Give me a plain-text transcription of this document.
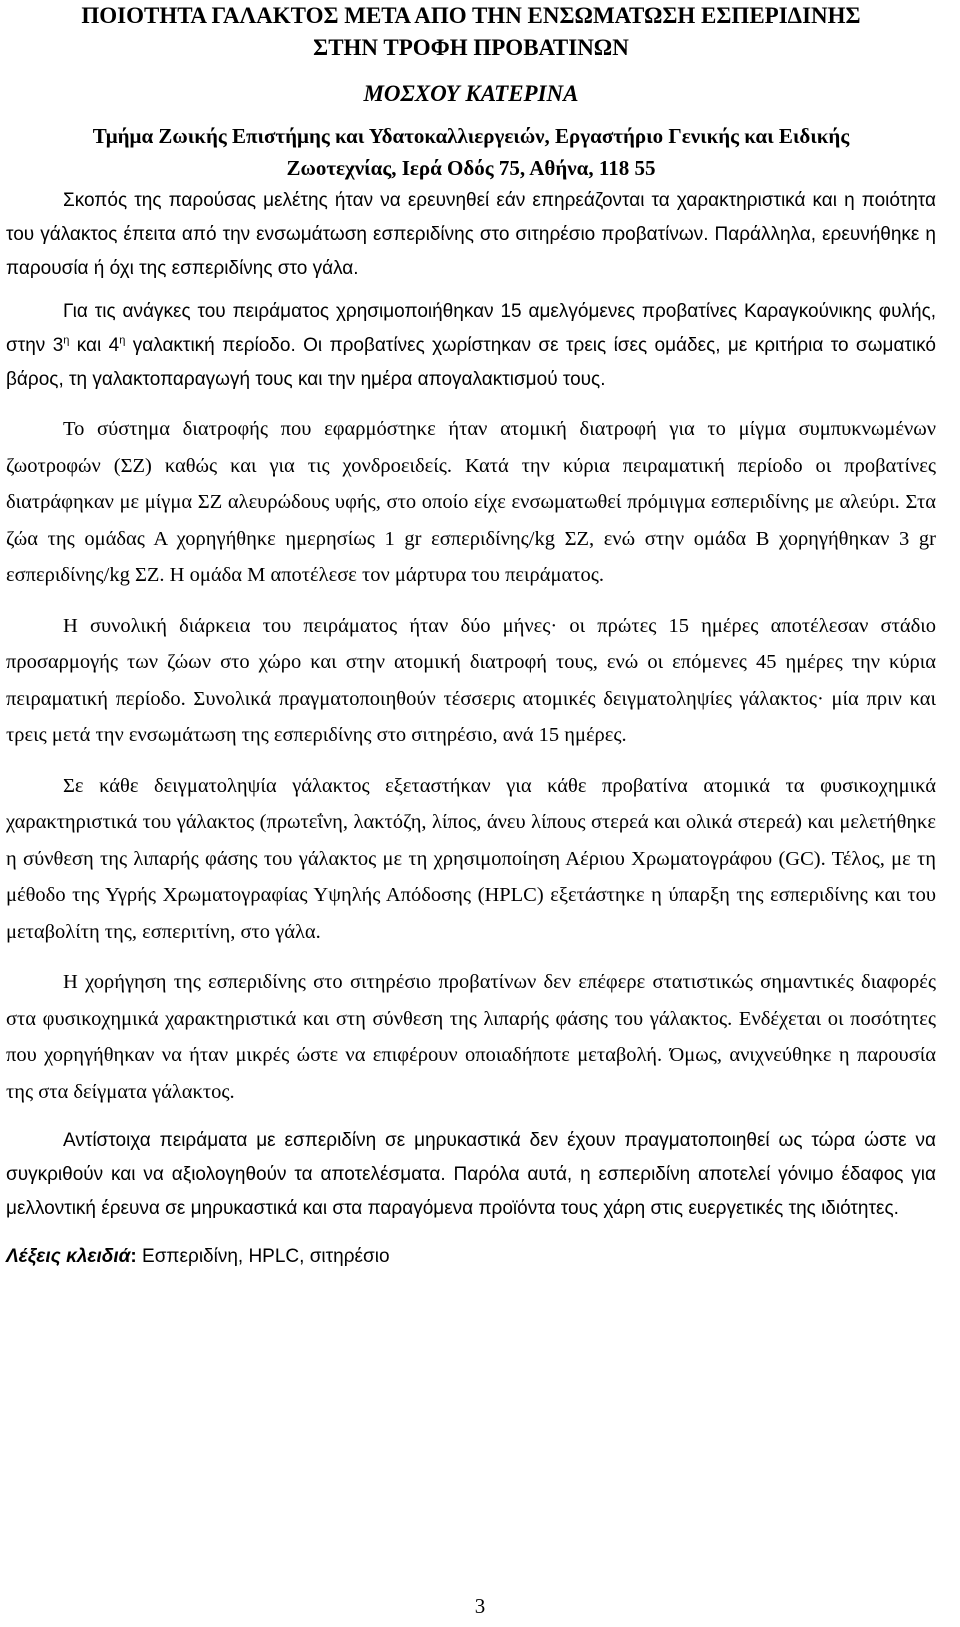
ΠΟΙΟΤΗΤΑ ΓΑΛΑΚΤΟΣ ΜΕΤΑ ΑΠΟ ΤΗΝ ΕΝΣΩΜΑΤΩΣΗ ΕΣΠΕΡΙΔΙΝΗΣ
ΣΤΗΝ ΤΡΟΦΗ ΠΡΟΒΑΤΙΝΩΝ

ΜΟΣΧΟΥ ΚΑΤΕΡΙΝΑ

Τμήμα Ζωικής Επιστήμης και Υδατοκαλλιεργειών, Εργαστήριο Γενικής και Ειδικής
Ζωοτεχνίας, Ιερά Οδός 75, Αθήνα, 118 55

Σκοπός της παρούσας μελέτης ήταν να ερευνηθεί εάν επηρεάζονται τα χαρακτηριστικά και η ποιότητα του γάλακτος έπειτα από την ενσωμάτωση εσπεριδίνης στο σιτηρέσιο προβατίνων. Παράλληλα, ερευνήθηκε η παρουσία ή όχι της εσπεριδίνης στο γάλα.

Για τις ανάγκες του πειράματος χρησιμοποιήθηκαν 15 αμελγόμενες προβατίνες Καραγκούνικης φυλής, στην $3^\eta$ και $4^\eta$ γαλακτική περίοδο. Οι προβατίνες χωρίστηκαν σε τρεις ίσες ομάδες, με κριτήρια το σωματικό βάρος, τη γαλακτοπαραγωγή τους και την ημέρα απογαλακτισμού τους.

Το σύστημα διατροφής που εφαρμόστηκε ήταν ατομική διατροφή για το μίγμα συμπυκνωμένων ζωοτροφών (ΣΖ) καθώς και για τις χονδροειδείς. Κατά την κύρια πειραματική περίοδο οι προβατίνες διατράφηκαν με μίγμα ΣΖ αλευρώδους υφής, στο οποίο είχε ενσωματωθεί πρόμιγμα εσπεριδίνης με αλεύρι. Στα ζώα της ομάδας Α χορηγήθηκε ημερησίως 1 gr εσπεριδίνης/kg ΣΖ, ενώ στην ομάδα Β χορηγήθηκαν 3 gr εσπεριδίνης/kg ΣΖ. Η ομάδα Μ αποτέλεσε τον μάρτυρα του πειράματος.

Η συνολική διάρκεια του πειράματος ήταν δύο μήνες· οι πρώτες 15 ημέρες αποτέλεσαν στάδιο προσαρμογής των ζώων στο χώρο και στην ατομική διατροφή τους, ενώ οι επόμενες 45 ημέρες την κύρια πειραματική περίοδο. Συνολικά πραγματοποιηθούν τέσσερις ατομικές δειγματοληψίες γάλακτος· μία πριν και τρεις μετά την ενσωμάτωση της εσπεριδίνης στο σιτηρέσιο, ανά 15 ημέρες.

Σε κάθε δειγματοληψία γάλακτος εξεταστήκαν για κάθε προβατίνα ατομικά τα φυσικοχημικά χαρακτηριστικά του γάλακτος (πρωτεΐνη, λακτόζη, λίπος, άνευ λίπους στερεά και ολικά στερεά) και μελετήθηκε η σύνθεση της λιπαρής φάσης του γάλακτος με τη χρησιμοποίηση Αέριου Χρωματογράφου (GC). Τέλος, με τη μέθοδο της Υγρής Χρωματογραφίας Υψηλής Απόδοσης (HPLC) εξετάστηκε η ύπαρξη της εσπεριδίνης και του μεταβολίτη της, εσπεριτίνη, στο γάλα.

Η χορήγηση της εσπεριδίνης στο σιτηρέσιο προβατίνων δεν επέφερε στατιστικώς σημαντικές διαφορές στα φυσικοχημικά χαρακτηριστικά και στη σύνθεση της λιπαρής φάσης του γάλακτος. Ενδέχεται οι ποσότητες που χορηγήθηκαν να ήταν μικρές ώστε να επιφέρουν οποιαδήποτε μεταβολή. Όμως, ανιχνεύθηκε η παρουσία της στα δείγματα γάλακτος.

Αντίστοιχα πειράματα με εσπεριδίνη σε μηρυκαστικά δεν έχουν πραγματοποιηθεί ως τώρα ώστε να συγκριθούν και να αξιολογηθούν τα αποτελέσματα. Παρόλα αυτά, η εσπεριδίνη αποτελεί γόνιμο έδαφος για μελλοντική έρευνα σε μηρυκαστικά και στα παραγόμενα προϊόντα τους χάρη στις ευεργετικές της ιδιότητες.

Λέξεις κλειδιά: Εσπεριδίνη, HPLC, σιτηρέσιο

3
